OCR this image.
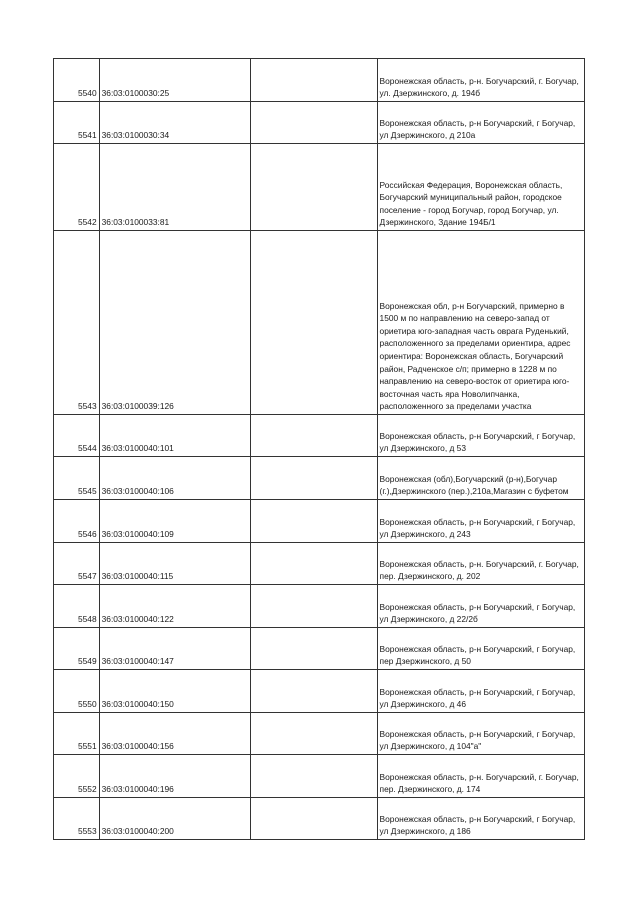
5540	36:03:0100030:25		Воронежская область, р-н. Богучарский, г. Богучар, ул. Дзержинского, д. 194б

5541	36:03:0100030:34		Воронежская область, р-н Богучарский, г Богучар, ул Дзержинского, д 210а

5542	36:03:0100033:81		Российская Федерация, Воронежская область, Богучарский муниципальный район, городское поселение - город Богучар, город Богучар, ул. Дзержинского, Здание 194Б/1

5543	36:03:0100039:126		Воронежская обл, р-н Богучарский, примерно в 1500 м по направлению на северо-запад от ориетира юго-западная часть оврага Руденький, расположенного за пределами ориентира, адрес ориентира: Воронежская область, Богучарский район, Радченское с/п; примерно в 1228 м по направлению на северо-восток от ориетира юго-восточная часть яра Новолипчанка, расположенного за пределами участка

5544	36:03:0100040:101		Воронежская область, р-н Богучарский, г Богучар, ул Дзержинского, д 53

5545	36:03:0100040:106		Воронежская (обл),Богучарский (р-н),Богучар (г.),Дзержинского (пер.),210а,Магазин с буфетом

5546	36:03:0100040:109		Воронежская область, р-н Богучарский, г Богучар, ул Дзержинского, д 243

5547	36:03:0100040:115		Воронежская область, р-н. Богучарский, г. Богучар, пер. Дзержинского, д. 202

5548	36:03:0100040:122		Воронежская область, р-н Богучарский, г Богучар, ул Дзержинского, д 22/2б

5549	36:03:0100040:147		Воронежская область, р-н Богучарский, г Богучар, пер Дзержинского, д 50

5550	36:03:0100040:150		Воронежская область, р-н Богучарский, г Богучар, ул Дзержинского, д 46

5551	36:03:0100040:156		Воронежская область, р-н Богучарский, г Богучар, ул Дзержинского, д 104"а"

5552	36:03:0100040:196		Воронежская область, р-н. Богучарский, г. Богучар, пер. Дзержинского, д. 174

5553	36:03:0100040:200		Воронежская область, р-н Богучарский, г Богучар, ул Дзержинского, д 186
